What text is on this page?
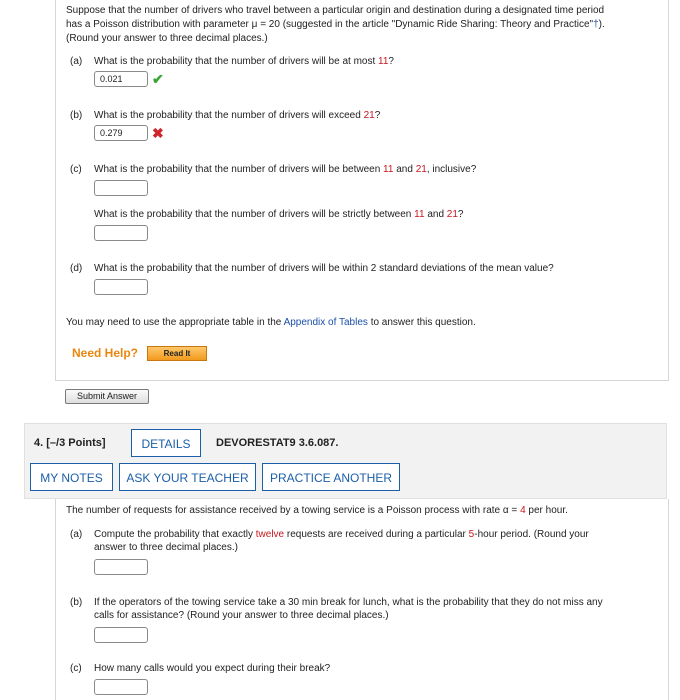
Suppose that the number of drivers who travel between a particular origin and destination during a designated time period
has a Poisson distribution with parameter μ = 20 (suggested in the article "Dynamic Ride Sharing: Theory and Practice"†).
(Round your answer to three decimal places.)
(a) What is the probability that the number of drivers will be at most 11?
0.021	✔
(b) What is the probability that the number of drivers will exceed 21?
0.279	✖
(c) What is the probability that the number of drivers will be between 11 and 21, inclusive?
What is the probability that the number of drivers will be strictly between 11 and 21?
(d) What is the probability that the number of drivers will be within 2 standard deviations of the mean value?
You may need to use the appropriate table in the Appendix of Tables to answer this question.
Need Help?	Read It
Submit Answer
4. [–/3 Points]	DETAILS	DEVORESTAT9 3.6.087.
MY NOTES	ASK YOUR TEACHER	PRACTICE ANOTHER
The number of requests for assistance received by a towing service is a Poisson process with rate α = 4 per hour.
(a) Compute the probability that exactly twelve requests are received during a particular 5-hour period. (Round your
answer to three decimal places.)
(b) If the operators of the towing service take a 30 min break for lunch, what is the probability that they do not miss any
calls for assistance? (Round your answer to three decimal places.)
(c) How many calls would you expect during their break?
